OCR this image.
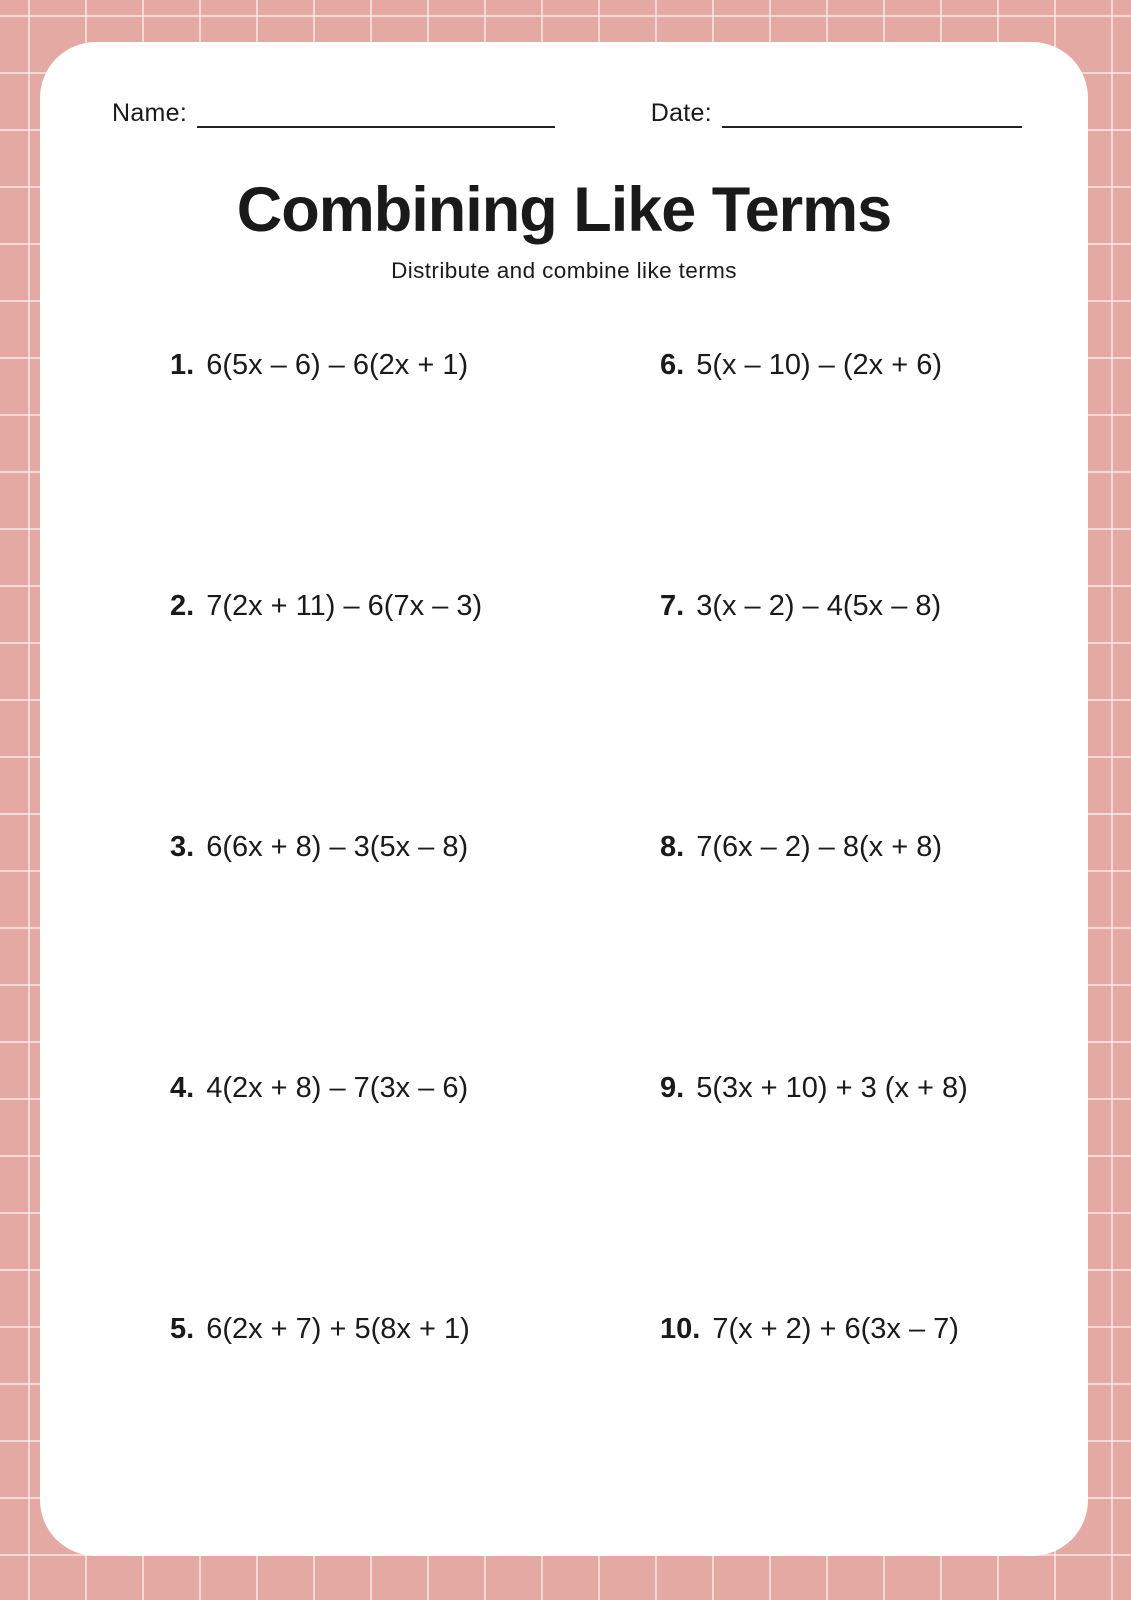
Name:	Date:
Combining Like Terms

Distribute and combine like terms

1. 6(5x – 6) – 6(2x + 1)
2. 7(2x + 11) – 6(7x – 3)
3. 6(6x + 8) – 3(5x – 8)
4. 4(2x + 8) – 7(3x – 6)
5. 6(2x + 7) + 5(8x + 1)
6. 5(x – 10) – (2x + 6)
7. 3(x – 2) – 4(5x – 8)
8. 7(6x – 2) – 8(x + 8)
9. 5(3x + 10) + 3 (x + 8)
10. 7(x + 2) + 6(3x – 7)
